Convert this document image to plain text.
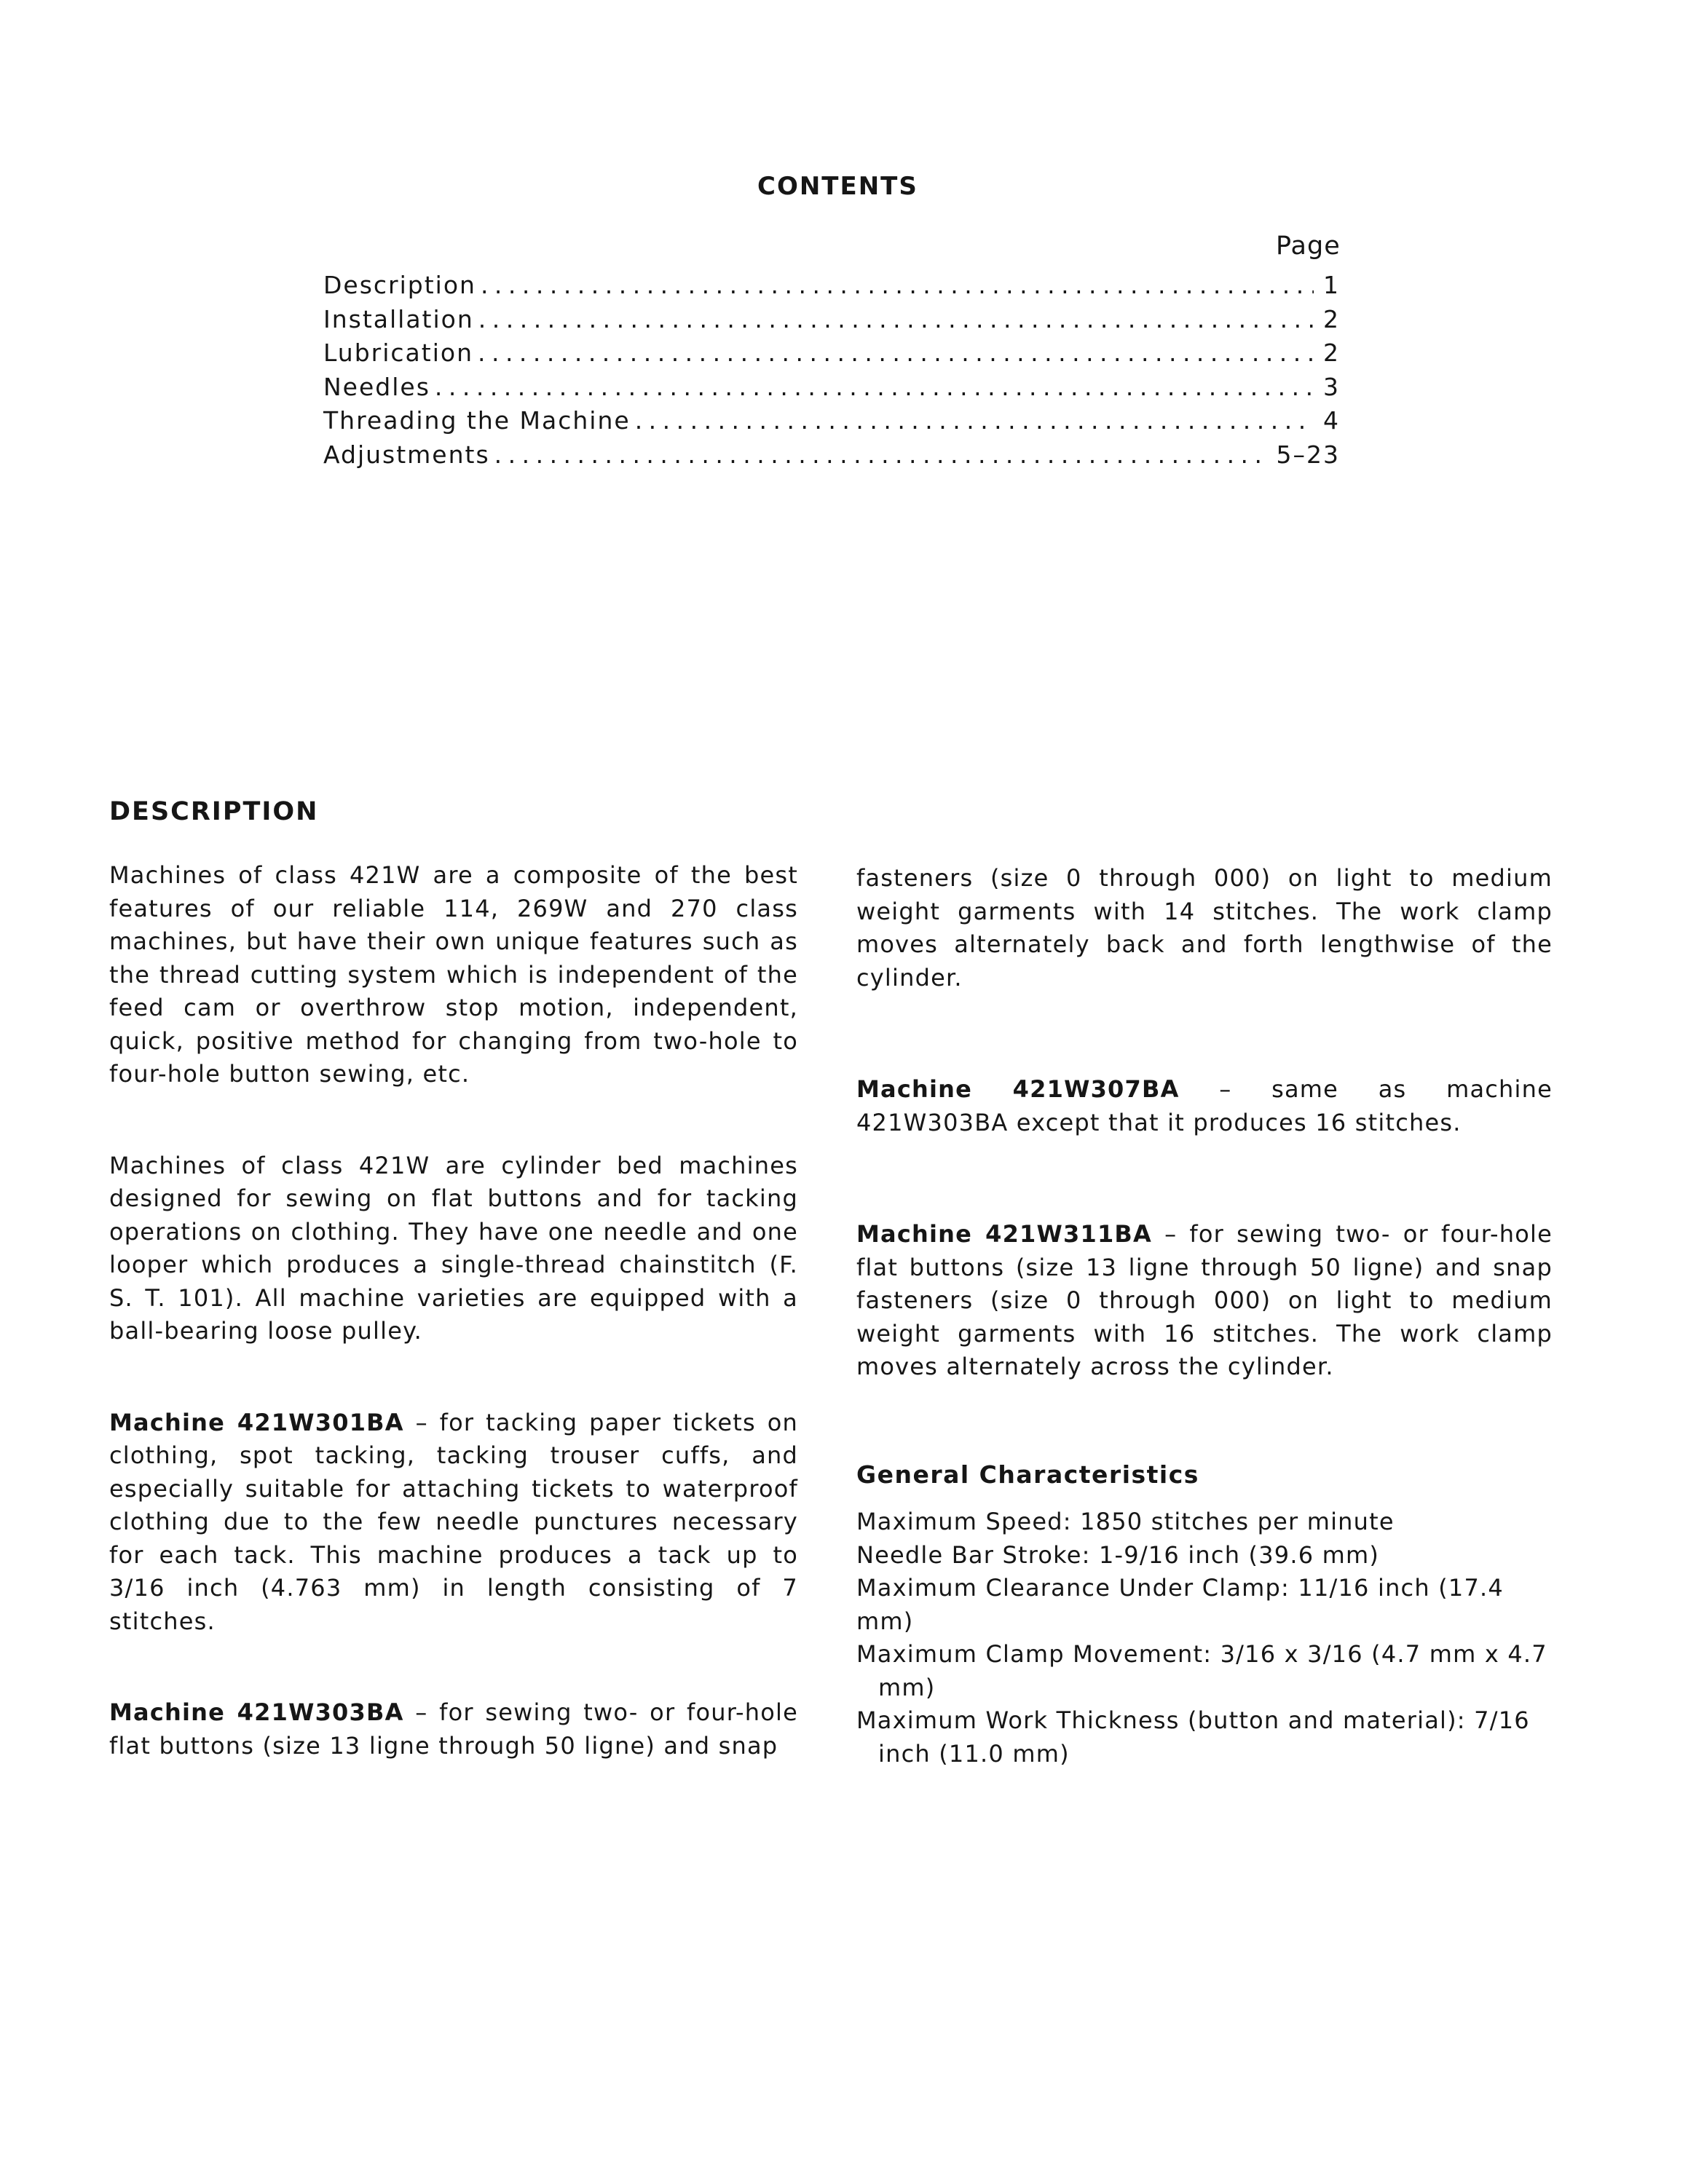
CONTENTS
Page
Description . . .	1
Installation . . .	2
Lubrication . . .	2
Needles . . .	3
Threading the Machine . . .	4
Adjustments . . .	5–23
DESCRIPTION

Machines of class 421W are a composite of the best features of our reliable 114, 269W and 270 class machines, but have their own unique features such as the thread cutting system which is independent of the feed cam or overthrow stop motion, independent, quick, positive method for changing from two-hole to four-hole button sewing, etc.

Machines of class 421W are cylinder bed machines designed for sewing on flat buttons and for tacking operations on clothing. They have one needle and one looper which produces a single-thread chainstitch (F. S. T. 101). All machine varieties are equipped with a ball-bearing loose pulley.

Machine 421W301BA – for tacking paper tickets on clothing, spot tacking, tacking trouser cuffs, and especially suitable for attaching tickets to waterproof clothing due to the few needle punctures necessary for each tack. This machine produces a tack up to 3/16 inch (4.763 mm) in length consisting of 7 stitches.

Machine 421W303BA – for sewing two- or four-hole flat buttons (size 13 ligne through 50 ligne) and snap

fasteners (size 0 through 000) on light to medium weight garments with 14 stitches. The work clamp moves alternately back and forth lengthwise of the cylinder.

Machine 421W307BA – same as machine 421W303BA except that it produces 16 stitches.

Machine 421W311BA – for sewing two- or four-hole flat buttons (size 13 ligne through 50 ligne) and snap fasteners (size 0 through 000) on light to medium weight garments with 16 stitches. The work clamp moves alternately across the cylinder.

General Characteristics

Maximum Speed: 1850 stitches per minute

Needle Bar Stroke: 1-9/16 inch (39.6 mm)

Maximum Clearance Under Clamp: 11/16 inch (17.4 mm)

Maximum Clamp Movement: 3/16 x 3/16 (4.7 mm x 4.7 mm)

Maximum Work Thickness (button and material): 7/16 inch (11.0 mm)
